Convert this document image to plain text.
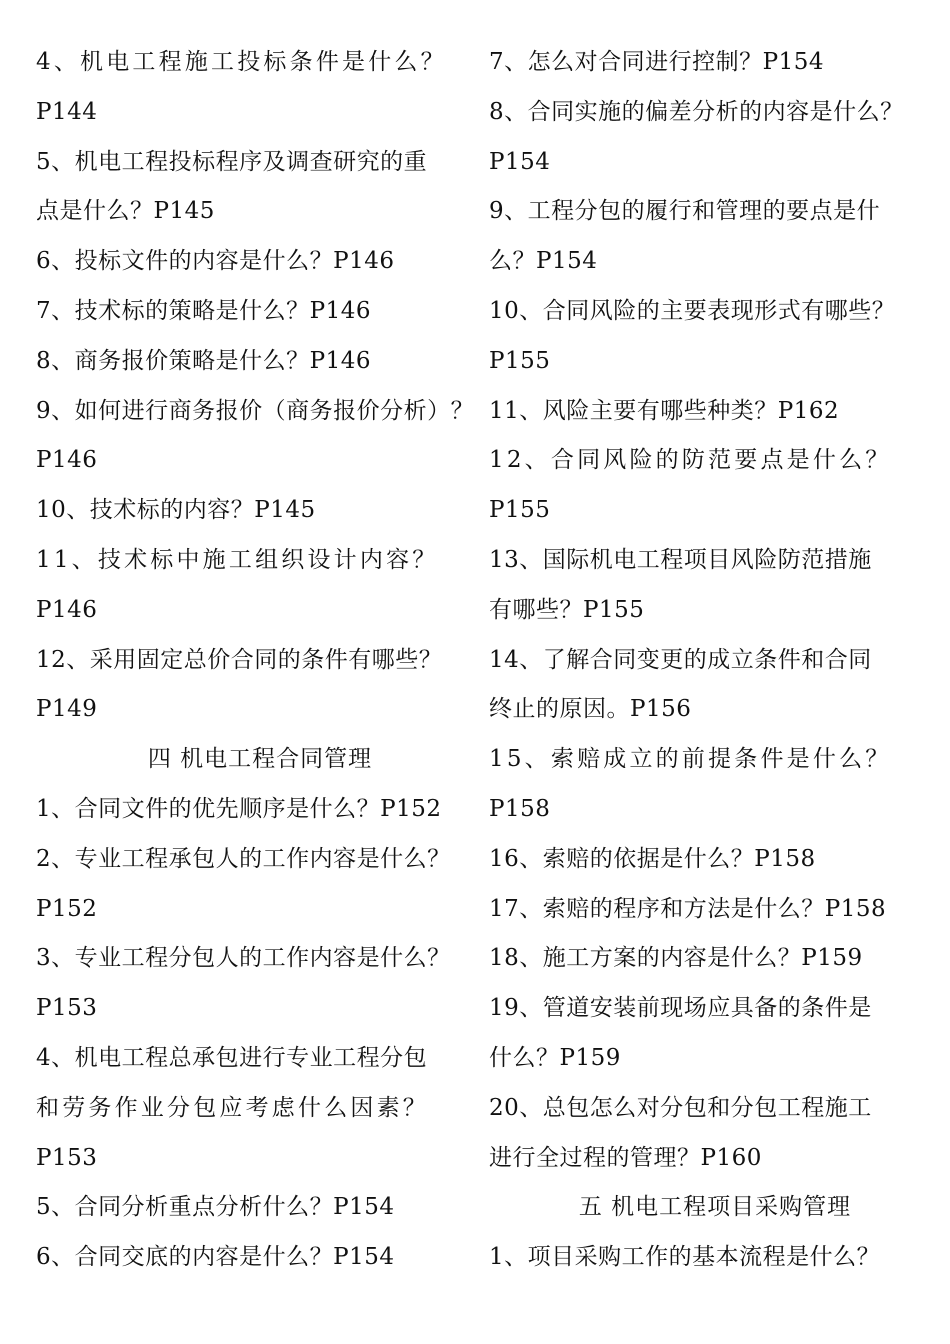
4、机电工程施工投标条件是什么？
P144
5、机电工程投标程序及调查研究的重
点是什么？P145
6、投标文件的内容是什么？P146
7、技术标的策略是什么？P146
8、商务报价策略是什么？P146
9、如何进行商务报价（商务报价分析）？
P146
10、技术标的内容？P145
11、技术标中施工组织设计内容？
P146
12、采用固定总价合同的条件有哪些？
P149
四 机电工程合同管理
1、合同文件的优先顺序是什么？P152
2、专业工程承包人的工作内容是什么？
P152
3、专业工程分包人的工作内容是什么？
P153
4、机电工程总承包进行专业工程分包
和劳务作业分包应考虑什么因素？
P153
5、合同分析重点分析什么？P154
6、合同交底的内容是什么？P154
7、怎么对合同进行控制？P154
8、合同实施的偏差分析的内容是什么？
P154
9、工程分包的履行和管理的要点是什
么？P154
10、合同风险的主要表现形式有哪些？
P155
11、风险主要有哪些种类？P162
12、合同风险的防范要点是什么？
P155
13、国际机电工程项目风险防范措施
有哪些？P155
14、了解合同变更的成立条件和合同
终止的原因。P156
15、索赔成立的前提条件是什么？
P158
16、索赔的依据是什么？P158
17、索赔的程序和方法是什么？P158
18、施工方案的内容是什么？P159
19、管道安装前现场应具备的条件是
什么？P159
20、总包怎么对分包和分包工程施工
进行全过程的管理？P160
五 机电工程项目采购管理
1、项目采购工作的基本流程是什么？
